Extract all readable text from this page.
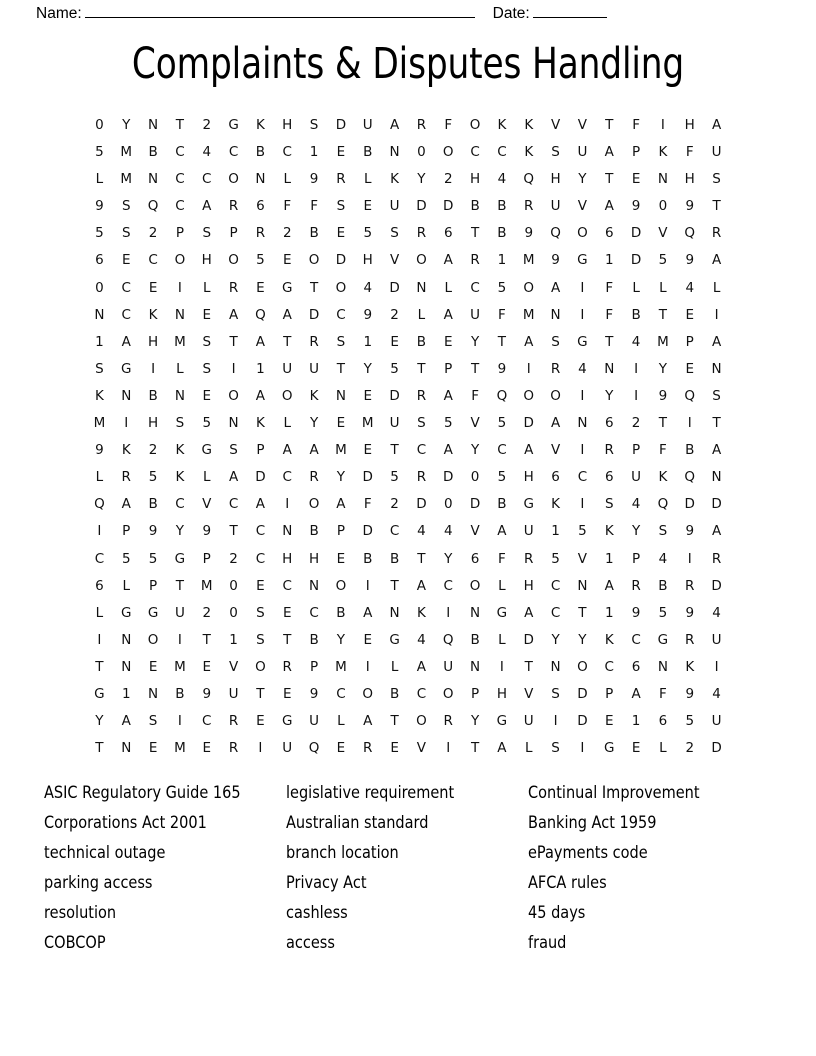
Name:	Date:
Complaints & Disputes Handling
0	Y	N	T	2	G	K	H	S	D	U	A	R	F	O	K	K	V	V	T	F	I	H	A
5	M	B	C	4	C	B	C	1	E	B	N	0	O	C	C	K	S	U	A	P	K	F	U
L	M	N	C	C	O	N	L	9	R	L	K	Y	2	H	4	Q	H	Y	T	E	N	H	S
9	S	Q	C	A	R	6	F	F	S	E	U	D	D	B	B	R	U	V	A	9	0	9	T
5	S	2	P	S	P	R	2	B	E	5	S	R	6	T	B	9	Q	O	6	D	V	Q	R
6	E	C	O	H	O	5	E	O	D	H	V	O	A	R	1	M	9	G	1	D	5	9	A
0	C	E	I	L	R	E	G	T	O	4	D	N	L	C	5	O	A	I	F	L	L	4	L
N	C	K	N	E	A	Q	A	D	C	9	2	L	A	U	F	M	N	I	F	B	T	E	I
1	A	H	M	S	T	A	T	R	S	1	E	B	E	Y	T	A	S	G	T	4	M	P	A
S	G	I	L	S	I	1	U	U	T	Y	5	T	P	T	9	I	R	4	N	I	Y	E	N
K	N	B	N	E	O	A	O	K	N	E	D	R	A	F	Q	O	O	I	Y	I	9	Q	S
M	I	H	S	5	N	K	L	Y	E	M	U	S	5	V	5	D	A	N	6	2	T	I	T
9	K	2	K	G	S	P	A	A	M	E	T	C	A	Y	C	A	V	I	R	P	F	B	A
L	R	5	K	L	A	D	C	R	Y	D	5	R	D	0	5	H	6	C	6	U	K	Q	N
Q	A	B	C	V	C	A	I	O	A	F	2	D	0	D	B	G	K	I	S	4	Q	D	D
I	P	9	Y	9	T	C	N	B	P	D	C	4	4	V	A	U	1	5	K	Y	S	9	A
C	5	5	G	P	2	C	H	H	E	B	B	T	Y	6	F	R	5	V	1	P	4	I	R
6	L	P	T	M	0	E	C	N	O	I	T	A	C	O	L	H	C	N	A	R	B	R	D
L	G	G	U	2	0	S	E	C	B	A	N	K	I	N	G	A	C	T	1	9	5	9	4
I	N	O	I	T	1	S	T	B	Y	E	G	4	Q	B	L	D	Y	Y	K	C	G	R	U
T	N	E	M	E	V	O	R	P	M	I	L	A	U	N	I	T	N	O	C	6	N	K	I
G	1	N	B	9	U	T	E	9	C	O	B	C	O	P	H	V	S	D	P	A	F	9	4
Y	A	S	I	C	R	E	G	U	L	A	T	O	R	Y	G	U	I	D	E	1	6	5	U
T	N	E	M	E	R	I	U	Q	E	R	E	V	I	T	A	L	S	I	G	E	L	2	D
ASIC Regulatory Guide 165	legislative requirement	Continual Improvement
Corporations Act 2001	Australian standard	Banking Act 1959
technical outage	branch location	ePayments code
parking access	Privacy Act	AFCA rules
resolution	cashless	45 days
COBCOP	access	fraud
